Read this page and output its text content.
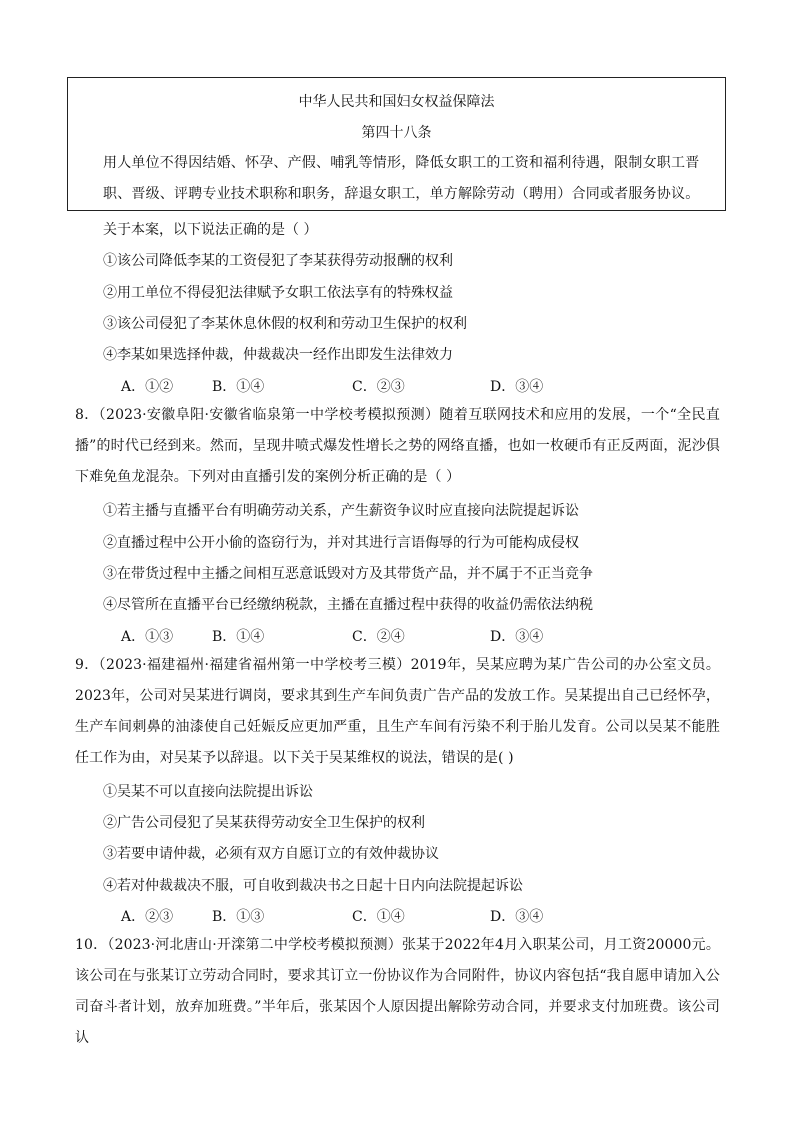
中华人民共和国妇女权益保障法
第四十八条
用人单位不得因结婚、怀孕、产假、哺乳等情形，降低女职工的工资和福利待遇，限制女职工晋职、晋级、评聘专业技术职称和职务，辞退女职工，单方解除劳动（聘用）合同或者服务协议。
关于本案，以下说法正确的是（ ）
①该公司降低李某的工资侵犯了李某获得劳动报酬的权利
②用工单位不得侵犯法律赋予女职工依法享有的特殊权益
③该公司侵犯了李某休息休假的权利和劳动卫生保护的权利
④李某如果选择仲裁，仲裁裁决一经作出即发生法律效力
A．①②	B．①④	C．②③	D．③④
8．（2023·安徽阜阳·安徽省临泉第一中学校考模拟预测）随着互联网技术和应用的发展，一个“全民直播”的时代已经到来。然而，呈现井喷式爆发性增长之势的网络直播，也如一枚硬币有正反两面，泥沙俱下难免鱼龙混杂。下列对由直播引发的案例分析正确的是（ ）
①若主播与直播平台有明确劳动关系，产生薪资争议时应直接向法院提起诉讼
②直播过程中公开小偷的盗窃行为，并对其进行言语侮辱的行为可能构成侵权
③在带货过程中主播之间相互恶意诋毁对方及其带货产品，并不属于不正当竞争
④尽管所在直播平台已经缴纳税款，主播在直播过程中获得的收益仍需依法纳税
A．①③	B．①④	C．②④	D．③④
9．（2023·福建福州·福建省福州第一中学校考三模）2019年，吴某应聘为某广告公司的办公室文员。2023年，公司对吴某进行调岗，要求其到生产车间负责广告产品的发放工作。吴某提出自己已经怀孕，生产车间刺鼻的油漆使自己妊娠反应更加严重，且生产车间有污染不利于胎儿发育。公司以吴某不能胜任工作为由，对吴某予以辞退。以下关于吴某维权的说法，错误的是( )
①吴某不可以直接向法院提出诉讼
②广告公司侵犯了吴某获得劳动安全卫生保护的权利
③若要申请仲裁，必须有双方自愿订立的有效仲裁协议
④若对仲裁裁决不服，可自收到裁决书之日起十日内向法院提起诉讼
A．②③	B．①③	C．①④	D．③④
10．（2023·河北唐山·开滦第二中学校考模拟预测）张某于2022年4月入职某公司，月工资20000元。该公司在与张某订立劳动合同时，要求其订立一份协议作为合同附件，协议内容包括“我自愿申请加入公司奋斗者计划，放弃加班费。”半年后，张某因个人原因提出解除劳动合同，并要求支付加班费。该公司认
